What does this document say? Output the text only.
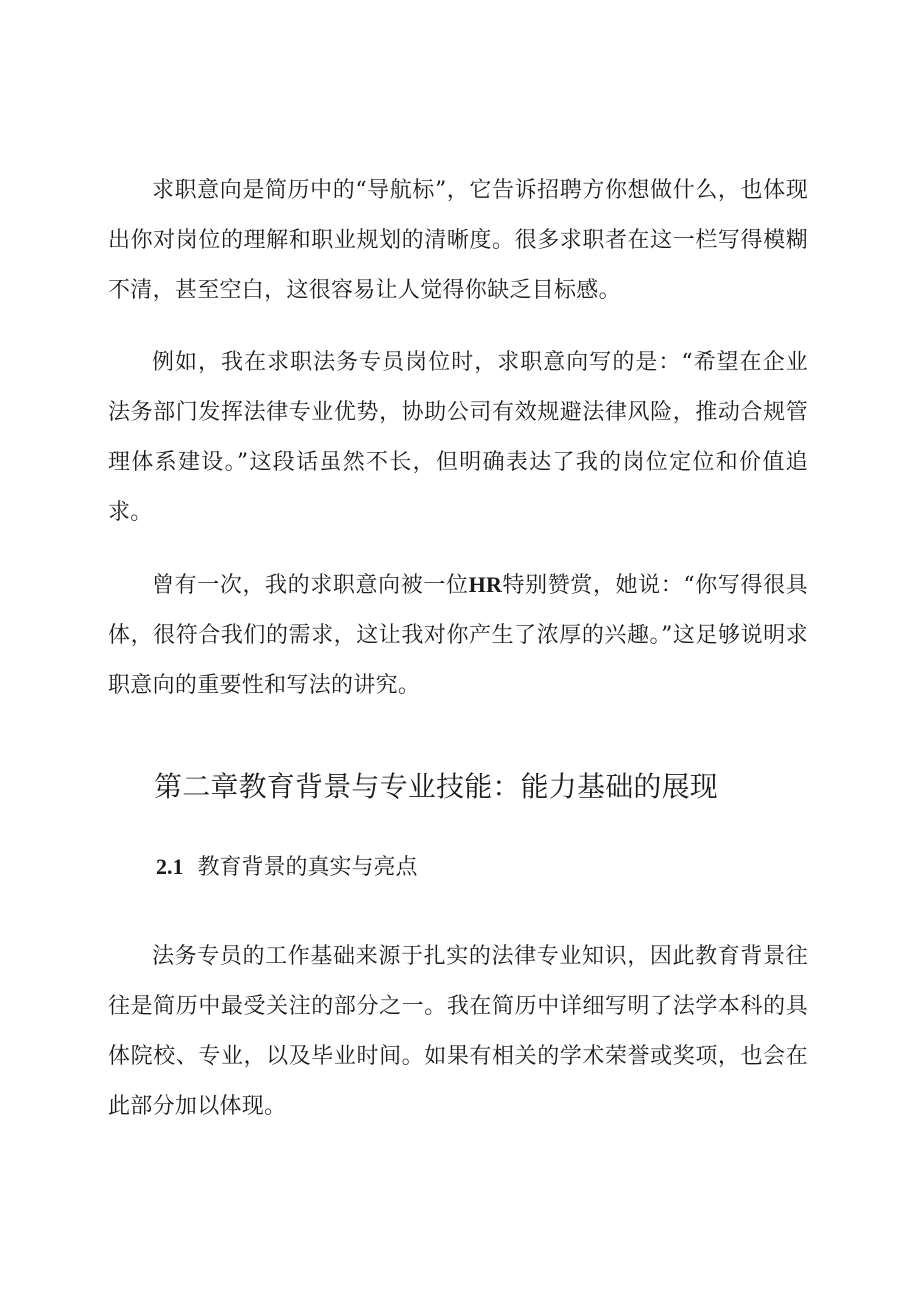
求职意向是简历中的“导航标”，它告诉招聘方你想做什么，也体现出你对岗位的理解和职业规划的清晰度。很多求职者在这一栏写得模糊不清，甚至空白，这很容易让人觉得你缺乏目标感。

例如，我在求职法务专员岗位时，求职意向写的是：“希望在企业法务部门发挥法律专业优势，协助公司有效规避法律风险，推动合规管理体系建设。”这段话虽然不长，但明确表达了我的岗位定位和价值追求。

曾有一次，我的求职意向被一位HR特别赞赏，她说：“你写得很具体，很符合我们的需求，这让我对你产生了浓厚的兴趣。”这足够说明求职意向的重要性和写法的讲究。

第二章教育背景与专业技能：能力基础的展现
2.1 教育背景的真实与亮点

法务专员的工作基础来源于扎实的法律专业知识，因此教育背景往往是简历中最受关注的部分之一。我在简历中详细写明了法学本科的具体院校、专业，以及毕业时间。如果有相关的学术荣誉或奖项，也会在此部分加以体现。
